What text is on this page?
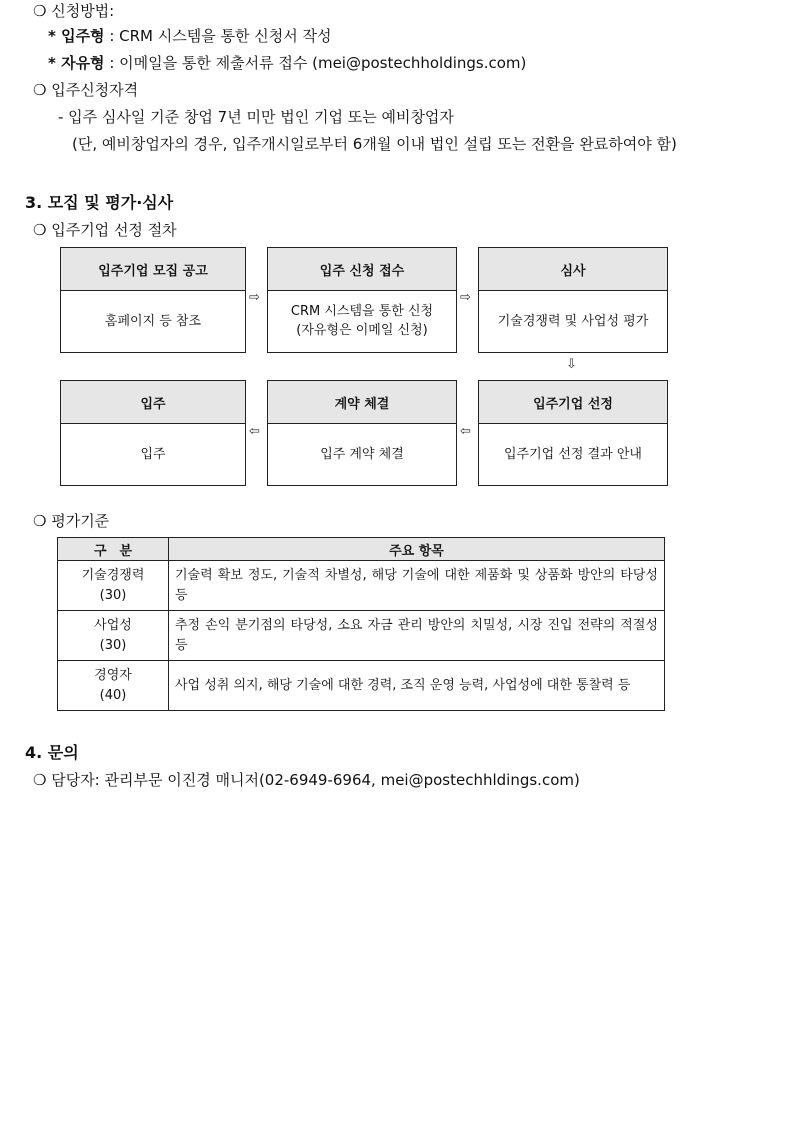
❍ 신청방법:
* 입주형 : CRM 시스템을 통한 신청서 작성
* 자유형 : 이메일을 통한 제출서류 접수 (mei@postechholdings.com)
❍ 입주신청자격
- 입주 심사일 기준 창업 7년 미만 법인 기업 또는 예비창업자
(단, 예비창업자의 경우, 입주개시일로부터 6개월 이내 법인 설립 또는 전환을 완료하여야 함)
3. 모집 및 평가·심사
❍ 입주기업 선정 절차
입주기업 모집 공고
홈페이지 등 참조
⇨
입주 신청 접수
CRM 시스템을 통한 신청
(자유형은 이메일 신청)
⇨
심사
기술경쟁력 및 사업성 평가
⇩
입주
입주
⇦
계약 체결
입주 계약 체결
⇦
입주기업 선정
입주기업 선정 결과 안내
❍ 평가기준
구　분	주요 항목

기술경쟁력
(30)	기술력 확보 정도, 기술적 차별성, 해당 기술에 대한 제품화 및 상품화 방안의 타당성 등

사업성
(30)	추정 손익 분기점의 타당성, 소요 자금 관리 방안의 치밀성, 시장 진입 전략의 적절성 등

경영자
(40)	사업 성취 의지, 해당 기술에 대한 경력, 조직 운영 능력, 사업성에 대한 통찰력 등
4. 문의
❍ 담당자: 관리부문 이진경 매니저(02-6949-6964, mei@postechhldings.com)
